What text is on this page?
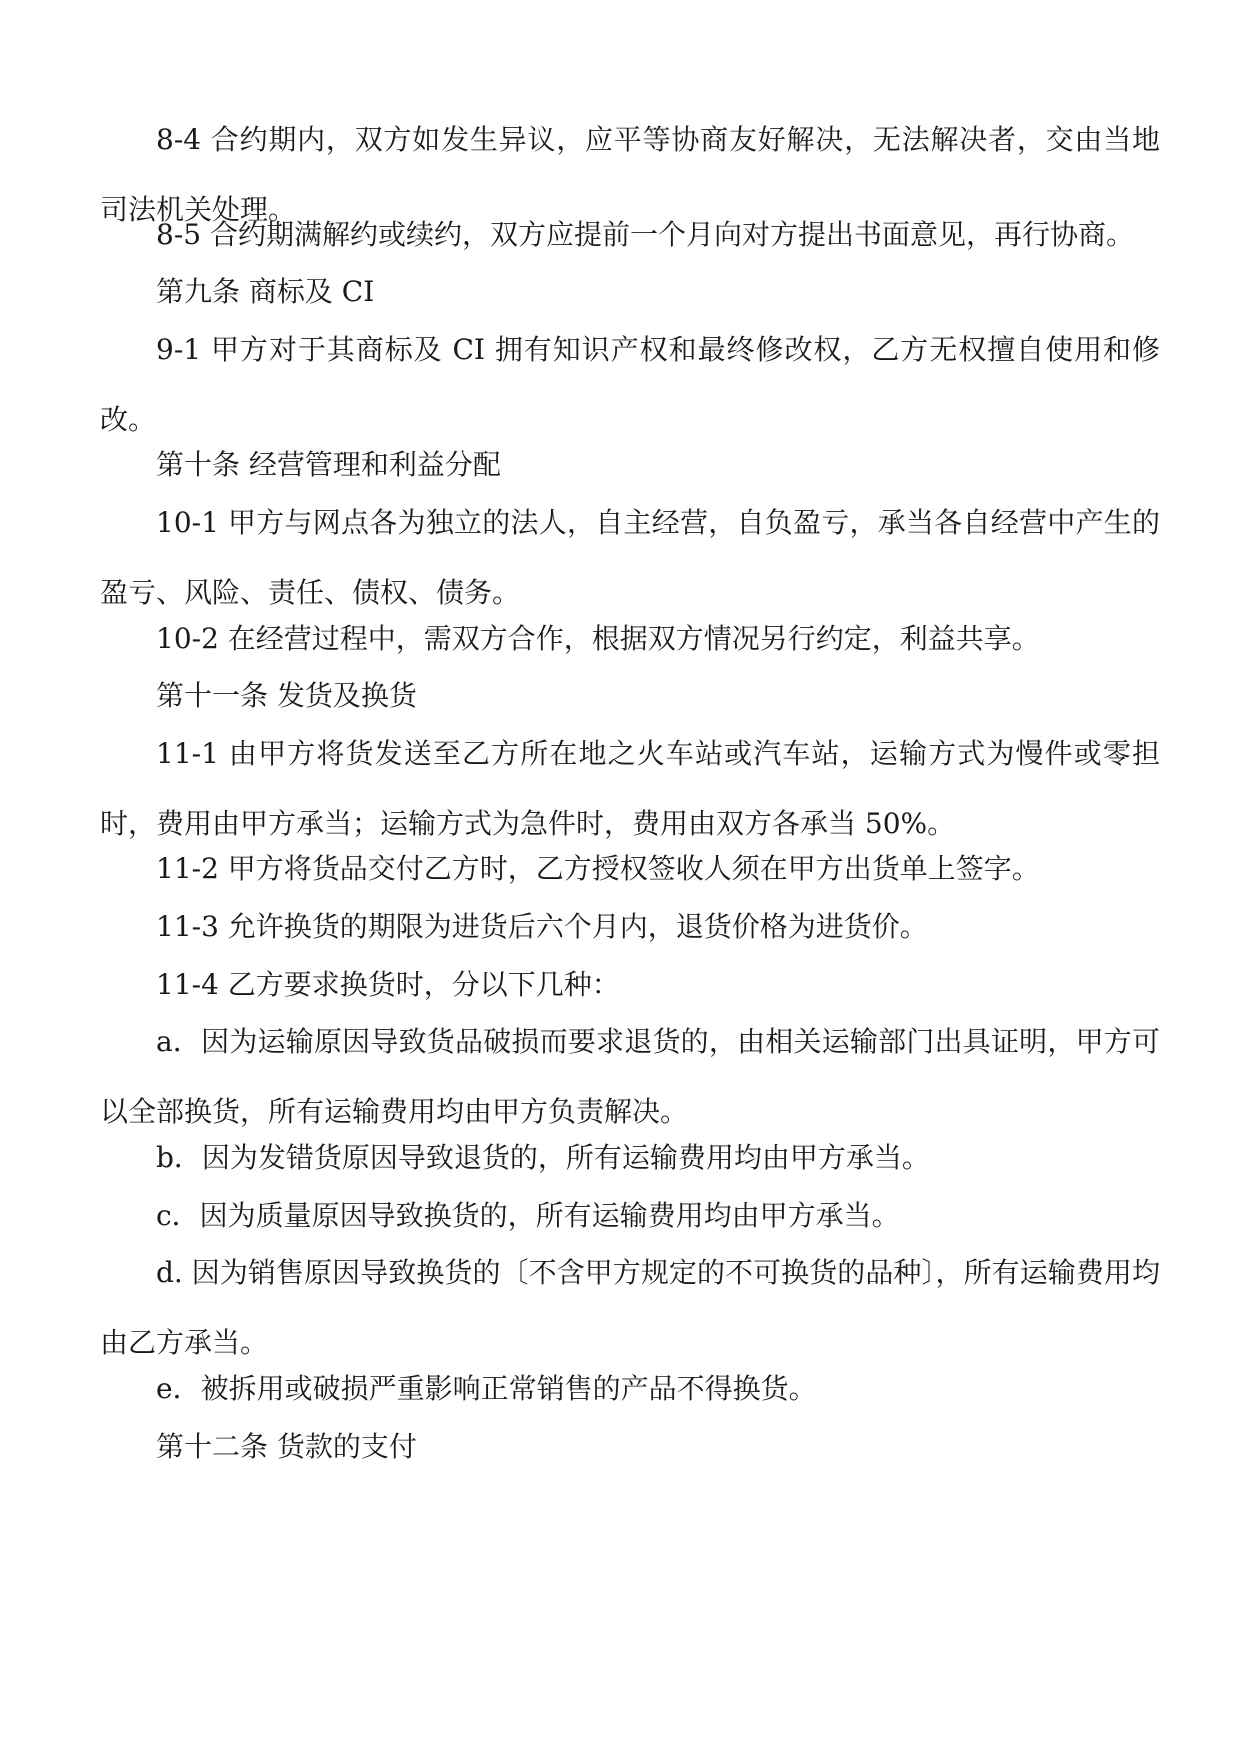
8-4 合约期内，双方如发生异议，应平等协商友好解决，无法解决者，交由当地司法机关处理。

8-5 合约期满解约或续约，双方应提前一个月向对方提出书面意见，再行协商。

第九条 商标及 CI

9-1 甲方对于其商标及 CI 拥有知识产权和最终修改权，乙方无权擅自使用和修改。

第十条 经营管理和利益分配

10-1 甲方与网点各为独立的法人，自主经营，自负盈亏，承当各自经营中产生的盈亏、风险、责任、债权、债务。

10-2 在经营过程中，需双方合作，根据双方情况另行约定，利益共享。

第十一条 发货及换货

11-1 由甲方将货发送至乙方所在地之火车站或汽车站，运输方式为慢件或零担时，费用由甲方承当；运输方式为急件时，费用由双方各承当 50%。

11-2 甲方将货品交付乙方时，乙方授权签收人须在甲方出货单上签字。

11-3 允许换货的期限为进货后六个月内，退货价格为进货价。

11-4 乙方要求换货时，分以下几种：

a．因为运输原因导致货品破损而要求退货的，由相关运输部门出具证明，甲方可以全部换货，所有运输费用均由甲方负责解决。

b．因为发错货原因导致退货的，所有运输费用均由甲方承当。

c．因为质量原因导致换货的，所有运输费用均由甲方承当。

d. 因为销售原因导致换货的〔不含甲方规定的不可换货的品种〕，所有运输费用均由乙方承当。

e．被拆用或破损严重影响正常销售的产品不得换货。

第十二条 货款的支付
